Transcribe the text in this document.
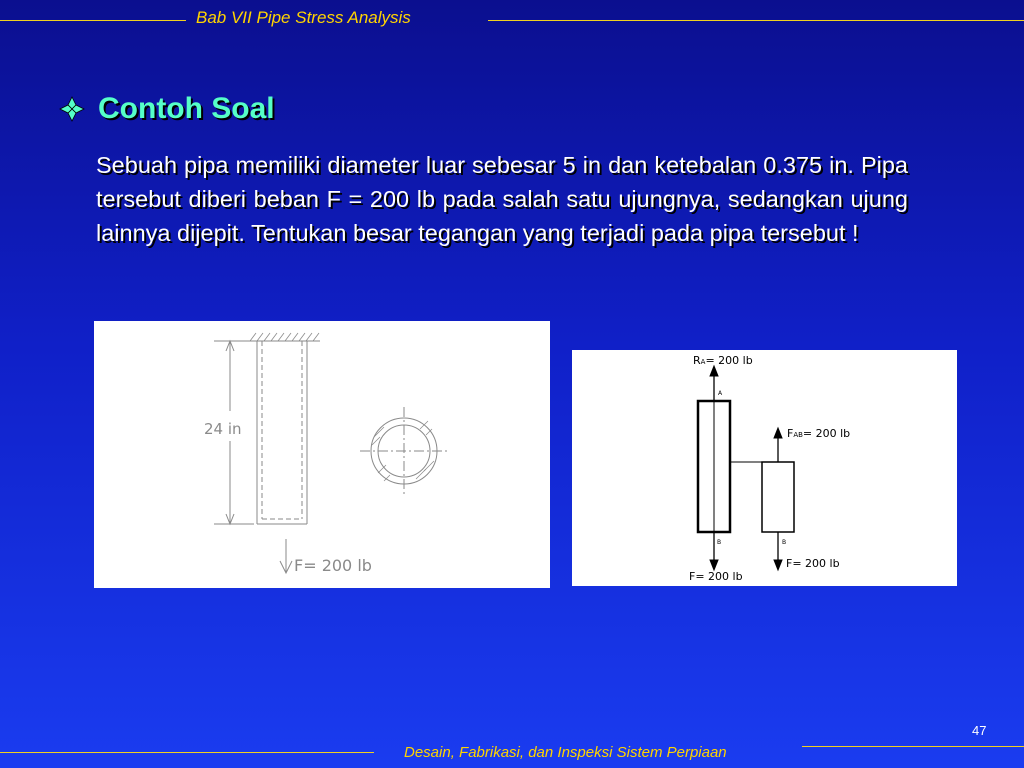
Bab VII Pipe Stress Analysis
Contoh Soal
Sebuah pipa memiliki diameter luar sebesar 5 in dan ketebalan 0.375 in. Pipa tersebut diberi beban F = 200 lb pada salah satu ujungnya, sedangkan ujung lainnya dijepit. Tentukan besar tegangan yang terjadi pada pipa tersebut !
24 in
F= 200 lb
RA= 200 lb
A
FAB= 200 lb
B	B
F= 200 lb
F= 200 lb
47
Desain, Fabrikasi, dan Inspeksi Sistem Perpiaan
